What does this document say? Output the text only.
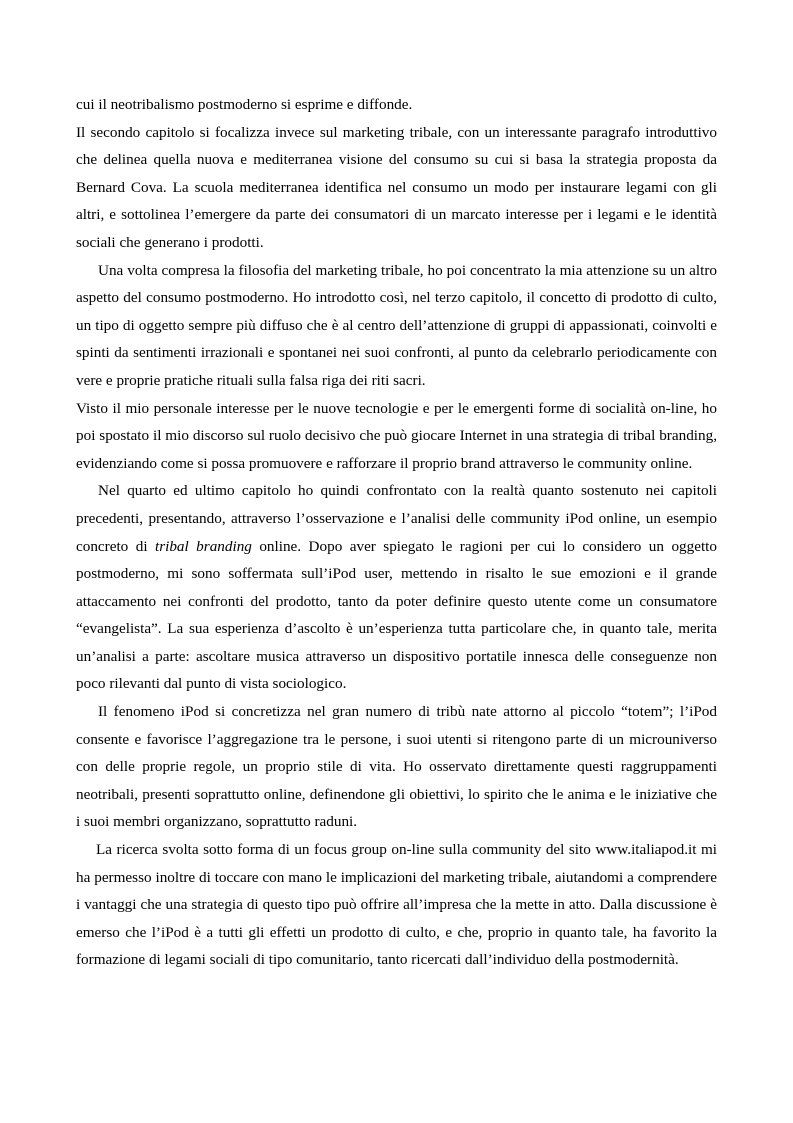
cui il neotribalismo postmoderno si esprime e diffonde.

Il secondo capitolo si focalizza invece sul marketing tribale, con un interessante paragrafo introduttivo che delinea quella nuova e mediterranea visione del consumo su cui si basa la strategia proposta da Bernard Cova. La scuola mediterranea identifica nel consumo un modo per instaurare legami con gli altri, e sottolinea l’emergere da parte dei consumatori di un marcato interesse per i legami e le identità sociali che generano i prodotti.

Una volta compresa la filosofia del marketing tribale, ho poi concentrato la mia attenzione su un altro aspetto del consumo postmoderno. Ho introdotto così, nel terzo capitolo, il concetto di prodotto di culto, un tipo di oggetto sempre più diffuso che è al centro dell’attenzione di gruppi di appassionati, coinvolti e spinti da sentimenti irrazionali e spontanei nei suoi confronti, al punto da celebrarlo periodicamente con vere e proprie pratiche rituali sulla falsa riga dei riti sacri.

Visto il mio personale interesse per le nuove tecnologie e per le emergenti forme di socialità on-line, ho poi spostato il mio discorso sul ruolo decisivo che può giocare Internet in una strategia di tribal branding, evidenziando come si possa promuovere e rafforzare il proprio brand attraverso le community online.

Nel quarto ed ultimo capitolo ho quindi confrontato con la realtà quanto sostenuto nei capitoli precedenti, presentando, attraverso l’osservazione e l’analisi delle community iPod online, un esempio concreto di tribal branding online. Dopo aver spiegato le ragioni per cui lo considero un oggetto postmoderno, mi sono soffermata sull’iPod user, mettendo in risalto le sue emozioni e il grande attaccamento nei confronti del prodotto, tanto da poter definire questo utente come un consumatore “evangelista”. La sua esperienza d’ascolto è un’esperienza tutta particolare che, in quanto tale, merita un’analisi a parte: ascoltare musica attraverso un dispositivo portatile innesca delle conseguenze non poco rilevanti dal punto di vista sociologico.

Il fenomeno iPod si concretizza nel gran numero di tribù nate attorno al piccolo “totem”; l’iPod consente e favorisce l’aggregazione tra le persone, i suoi utenti si ritengono parte di un microuniverso con delle proprie regole, un proprio stile di vita. Ho osservato direttamente questi raggruppamenti neotribali, presenti soprattutto online, definendone gli obiettivi, lo spirito che le anima e le iniziative che i suoi membri organizzano, soprattutto raduni.

La ricerca svolta sotto forma di un focus group on-line sulla community del sito www.italiapod.it mi ha permesso inoltre di toccare con mano le implicazioni del marketing tribale, aiutandomi a comprendere i vantaggi che una strategia di questo tipo può offrire all’impresa che la mette in atto. Dalla discussione è emerso che l’iPod è a tutti gli effetti un prodotto di culto, e che, proprio in quanto tale, ha favorito la formazione di legami sociali di tipo comunitario, tanto ricercati dall’individuo della postmodernità.
